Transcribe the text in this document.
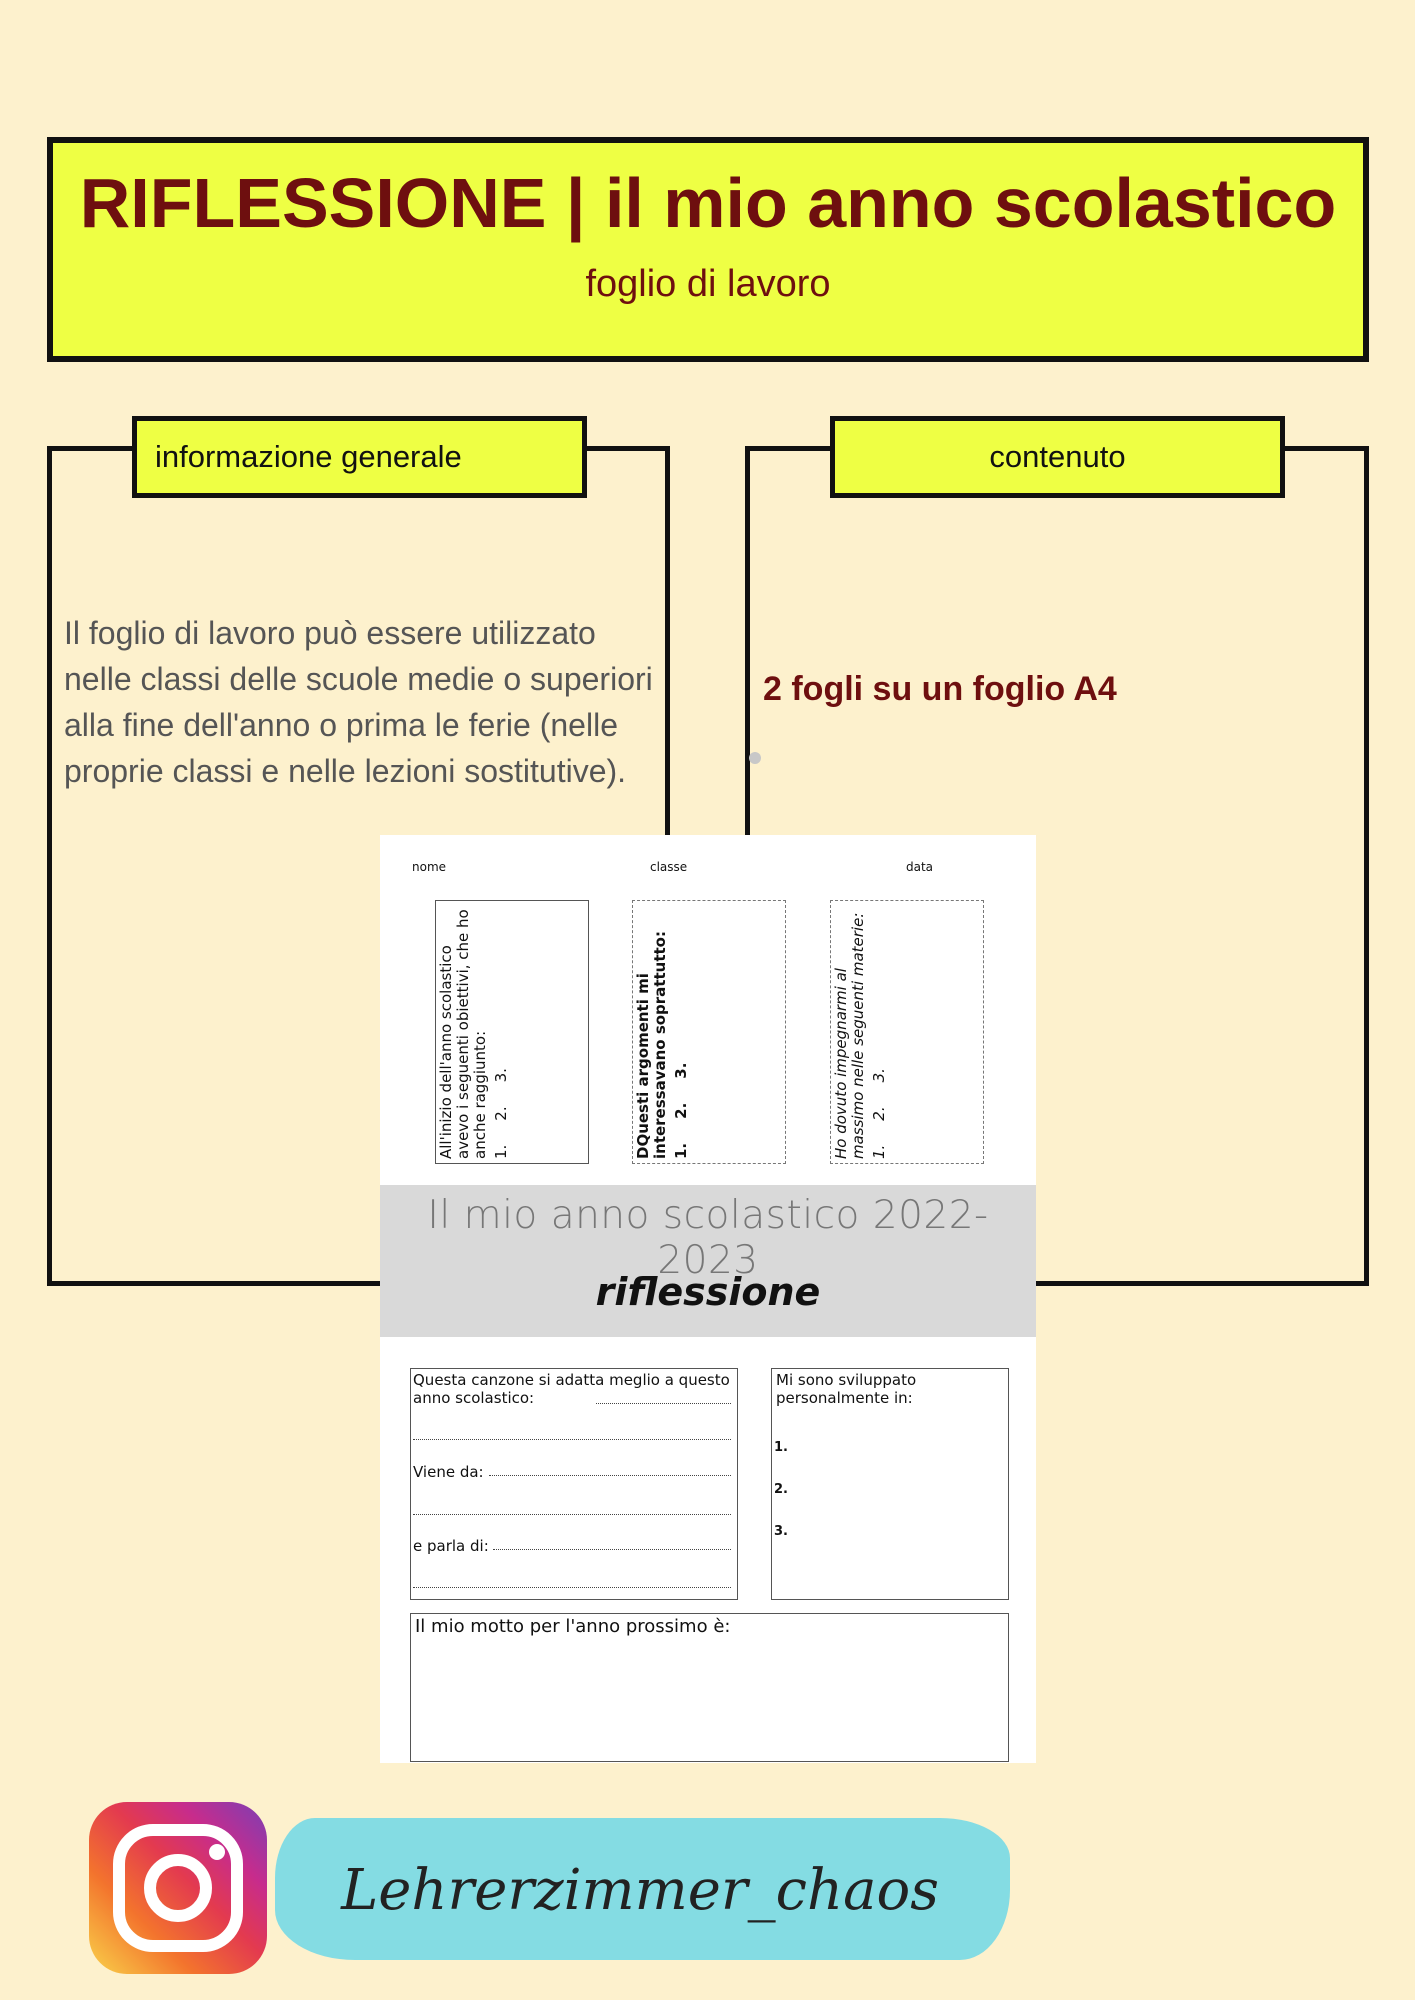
RIFLESSIONE | il mio anno scolastico
foglio di lavoro
informazione generale
Il foglio di lavoro può essere utilizzato nelle classi delle scuole medie o superiori alla fine dell'anno o prima le ferie (nelle proprie classi e nelle lezioni sostitutive).
contenuto
2 fogli su un foglio A4
nome	classe	data
All'inizio dell'anno scolastico avevo i seguenti obiettivi, che ho anche raggiunto: 1.
2.
3.	DQuesti argomenti mi interessavano soprattutto: 1.
2.
3.	Ho dovuto impegnarmi al massimo nelle seguenti materie: 1.
2.
3.
Il mio anno scolastico 2022-2023
riflessione
Questa canzone si adatta meglio a questo anno scolastico:
Viene da:
e parla di:
Mi sono sviluppato personalmente in:
1.
2.
3.
Il mio motto per l'anno prossimo è:
Lehrerzimmer_chaos
